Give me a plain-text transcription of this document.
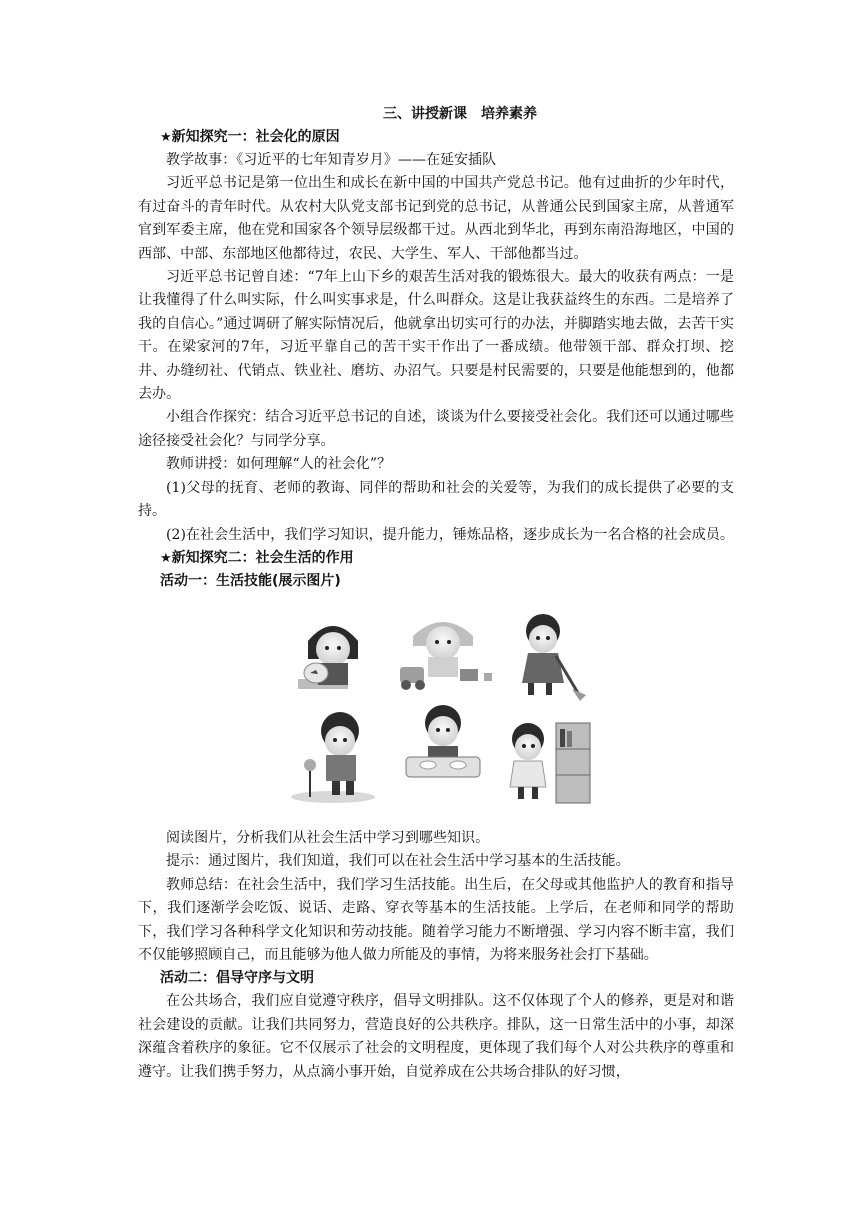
三、讲授新课　培养素养
★新知探究一：社会化的原因

教学故事：《习近平的七年知青岁月》——在延安插队

习近平总书记是第一位出生和成长在新中国的中国共产党总书记。他有过曲折的少年时代，有过奋斗的青年时代。从农村大队党支部书记到党的总书记，从普通公民到国家主席，从普通军官到军委主席，他在党和国家各个领导层级都干过。从西北到华北，再到东南沿海地区，中国的西部、中部、东部地区他都待过，农民、大学生、军人、干部他都当过。

习近平总书记曾自述：“7年上山下乡的艰苦生活对我的锻炼很大。最大的收获有两点：一是让我懂得了什么叫实际，什么叫实事求是，什么叫群众。这是让我获益终生的东西。二是培养了我的自信心。”通过调研了解实际情况后，他就拿出切实可行的办法，并脚踏实地去做，去苦干实干。在梁家河的7年，习近平靠自己的苦干实干作出了一番成绩。他带领干部、群众打坝、挖井、办缝纫社、代销点、铁业社、磨坊、办沼气。只要是村民需要的，只要是他能想到的，他都去办。

小组合作探究：结合习近平总书记的自述，谈谈为什么要接受社会化。我们还可以通过哪些途径接受社会化？与同学分享。

教师讲授：如何理解“人的社会化”？

(1)父母的抚育、老师的教诲、同伴的帮助和社会的关爱等，为我们的成长提供了必要的支持。

(2)在社会生活中，我们学习知识，提升能力，锤炼品格，逐步成长为一名合格的社会成员。

★新知探究二：社会生活的作用
活动一：生活技能(展示图片)

阅读图片，分析我们从社会生活中学习到哪些知识。

提示：通过图片，我们知道，我们可以在社会生活中学习基本的生活技能。

教师总结：在社会生活中，我们学习生活技能。出生后，在父母或其他监护人的教育和指导下，我们逐渐学会吃饭、说话、走路、穿衣等基本的生活技能。上学后，在老师和同学的帮助下，我们学习各种科学文化知识和劳动技能。随着学习能力不断增强、学习内容不断丰富，我们不仅能够照顾自己，而且能够为他人做力所能及的事情，为将来服务社会打下基础。

活动二：倡导守序与文明

在公共场合，我们应自觉遵守秩序，倡导文明排队。这不仅体现了个人的修养，更是对和谐社会建设的贡献。让我们共同努力，营造良好的公共秩序。排队，这一日常生活中的小事，却深深蕴含着秩序的象征。它不仅展示了社会的文明程度，更体现了我们每个人对公共秩序的尊重和遵守。让我们携手努力，从点滴小事开始，自觉养成在公共场合排队的好习惯，
